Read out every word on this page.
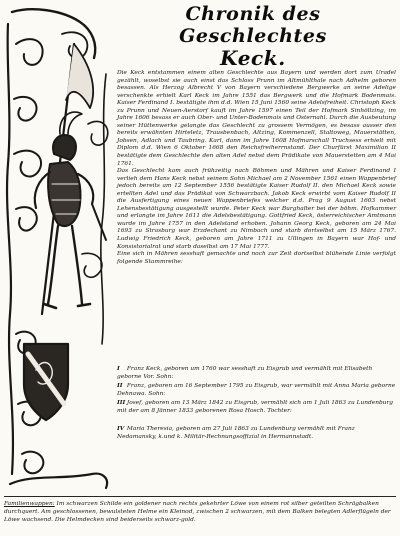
Chronik des Geschlechtes
Keck.

Die Keck entstammen einem alten Geschlechte aus Bayern und werden dort zum Uradel gezählt, woselbst sie auch einst das Schloss Prunn im Altmühlthale nach Adhelm geboren besassen. Als Herzog Albrecht V von Bayern verschiedene Bergwerke an seine Adelige verschenkte erhielt Karl Keck im Jahre 1551 das Bergwerk und die Hofmark Bodenmais. Kaiser Ferdinand I. bestätigte ihm d.d. Wien 15 Juni 1560 seine Adelsfreiheit. Christoph Keck zu Prunn und Neuen-Aerstorf kauft im Jahre 1597 einen Teil der Hofmark Sinhöllzing, im Jahre 1606 besass er auch Ober- und Unter-Bodenmais und Osternahl. Durch die Ausbeutung seiner Hüttenwerke gelangte das Geschlecht zu grossem Vermögen, es besass ausser den bereits erwähnten Hirteletz, Trausbenbach, Altzing, Kommenzell, Staltoweg, Mauerstätten, Jobsen, Adlach und Taubring. Karl, dann im Jahre 1608 Hofmarschall Truchsess erhielt mit Diplom d.d. Wien 6 Oktober 1668 den Reichsfreiherrnstand. Der Churfürst Maximilian II bestätigte dem Geschlechte den alten Adel nebst dem Prädikate von Mauerstetten am 4 Mai 1761.

Das Geschlecht kam auch frühzeitig nach Böhmen und Mähren und Kaiser Ferdinand I verlieh dem Hans Keck nebst seinem Sohn Michael am 2 November 1561 einen Wappenbrief jedoch bereits am 12 September 1556 bestätigte Kaiser Rudolf II. den Michael Keck sowie ertellten Adel und das Prädikat von Schwarzbach. Jakob Keck erwirbt vom Kaiser Rudolf II die Ausfertigung eines neuen Wappenbriefes welcher d.d. Prag 9 August 1603 nebst Lehensbestätigung ausgestellt wurde. Peter Keck war Burghalter bei der böhm. Hofkammer und erlangte im Jahre 1611 die Adelsbestätigung. Gottfried Keck, österreichischer Amtmann wurde im Jahre 1757 in den Adelstand erhoben. Johann Georg Keck, geboren am 24 Mai 1693 zu Strasburg war Erzdechant zu Nimbach und starb dortselbst am 15 März 1767. Ludwig Friedrich Keck, geboren am Jahre 1711 zu Ullingen in Bayern war Hof- und Konsistorialrat und starb daselbst am 17 Mai 1777.

Eine sich in Mähren sesshaft gemachte und noch zur Zeit dortselbst blühende Linie verfolgt folgende Stammreihe:

I Franz Keck, geboren um 1760 war sesshaft zu Eisgrub und vermählt mit Elisabeth geborne Vor. Sohn:
II Franz, geboren am 16 September 1795 zu Eisgrub, war vermählt mit Anna Maria geborne Dehnawa. Sohn:
III Josef, geboren am 13 März 1842 zu Eisgrub, vermählt sich am 1 Juli 1863 zu Lundenburg mit der am 8 Jänner 1833 geborenen Rosa Hosch. Tochter:
IV Maria Theresia, geboren am 27 Juli 1863 zu Lundenburg vermählt mit Franz Nedamansky, k.und k. Militär-Rechnungsoffizial in Hermannstadt.
Familienwappen: Im schwarzen Schilde ein goldener nach rechts gekehrter Löwe von einem rot silber geteilten Schrägbalken durchquert. Am geschlossenen, bewulsteten Helme ein Kleinod, zwischen 2 schwarzen, mit dem Balken belegten Adlerflügeln der Löwe wachsend. Die Helmdecken sind beiderseits schwarz-gold.
